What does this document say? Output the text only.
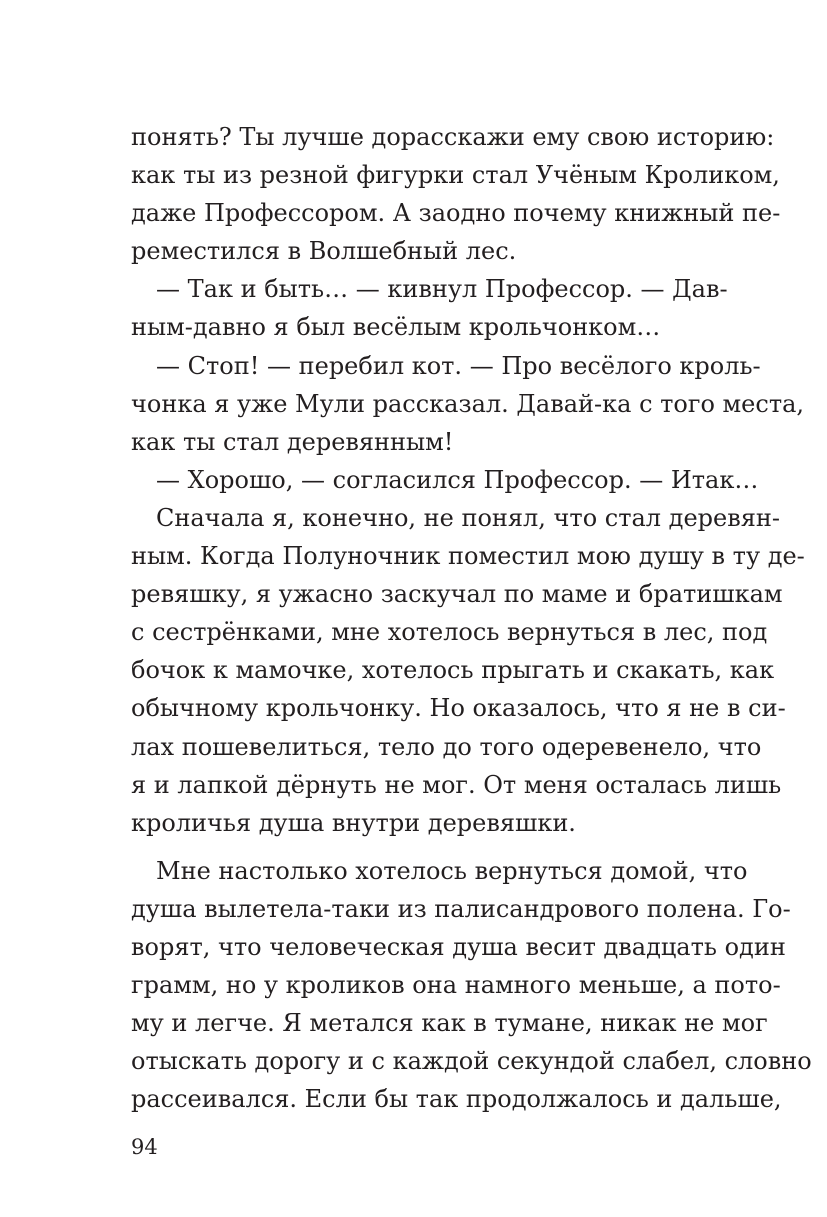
понять? Ты лучше дорасскажи ему свою историю:
как ты из резной фигурки стал Учёным Кроликом,
даже Профессором. А заодно почему книжный пе-
реместился в Волшебный лес.
— Так и быть… — кивнул Профессор. — Дав-
ным-давно я был весёлым крольчонком…
— Стоп! — перебил кот. — Про весёлого кроль-
чонка я уже Мули рассказал. Давай-ка с того места,
как ты стал деревянным!
— Хорошо, — согласился Профессор. — Итак…
Сначала я, конечно, не понял, что стал деревян-
ным. Когда Полуночник поместил мою душу в ту де-
ревяшку, я ужасно заскучал по маме и братишкам
с сестрёнками, мне хотелось вернуться в лес, под
бочок к мамочке, хотелось прыгать и скакать, как
обычному крольчонку. Но оказалось, что я не в си-
лах пошевелиться, тело до того одеревенело, что
я и лапкой дёрнуть не мог. От меня осталась лишь
кроличья душа внутри деревяшки.
Мне настолько хотелось вернуться домой, что
душа вылетела-таки из палисандрового полена. Го-
ворят, что человеческая душа весит двадцать один
грамм, но у кроликов она намного меньше, а пото-
му и легче. Я метался как в тумане, никак не мог
отыскать дорогу и с каждой секундой слабел, словно
рассеивался. Если бы так продолжалось и дальше,
94
